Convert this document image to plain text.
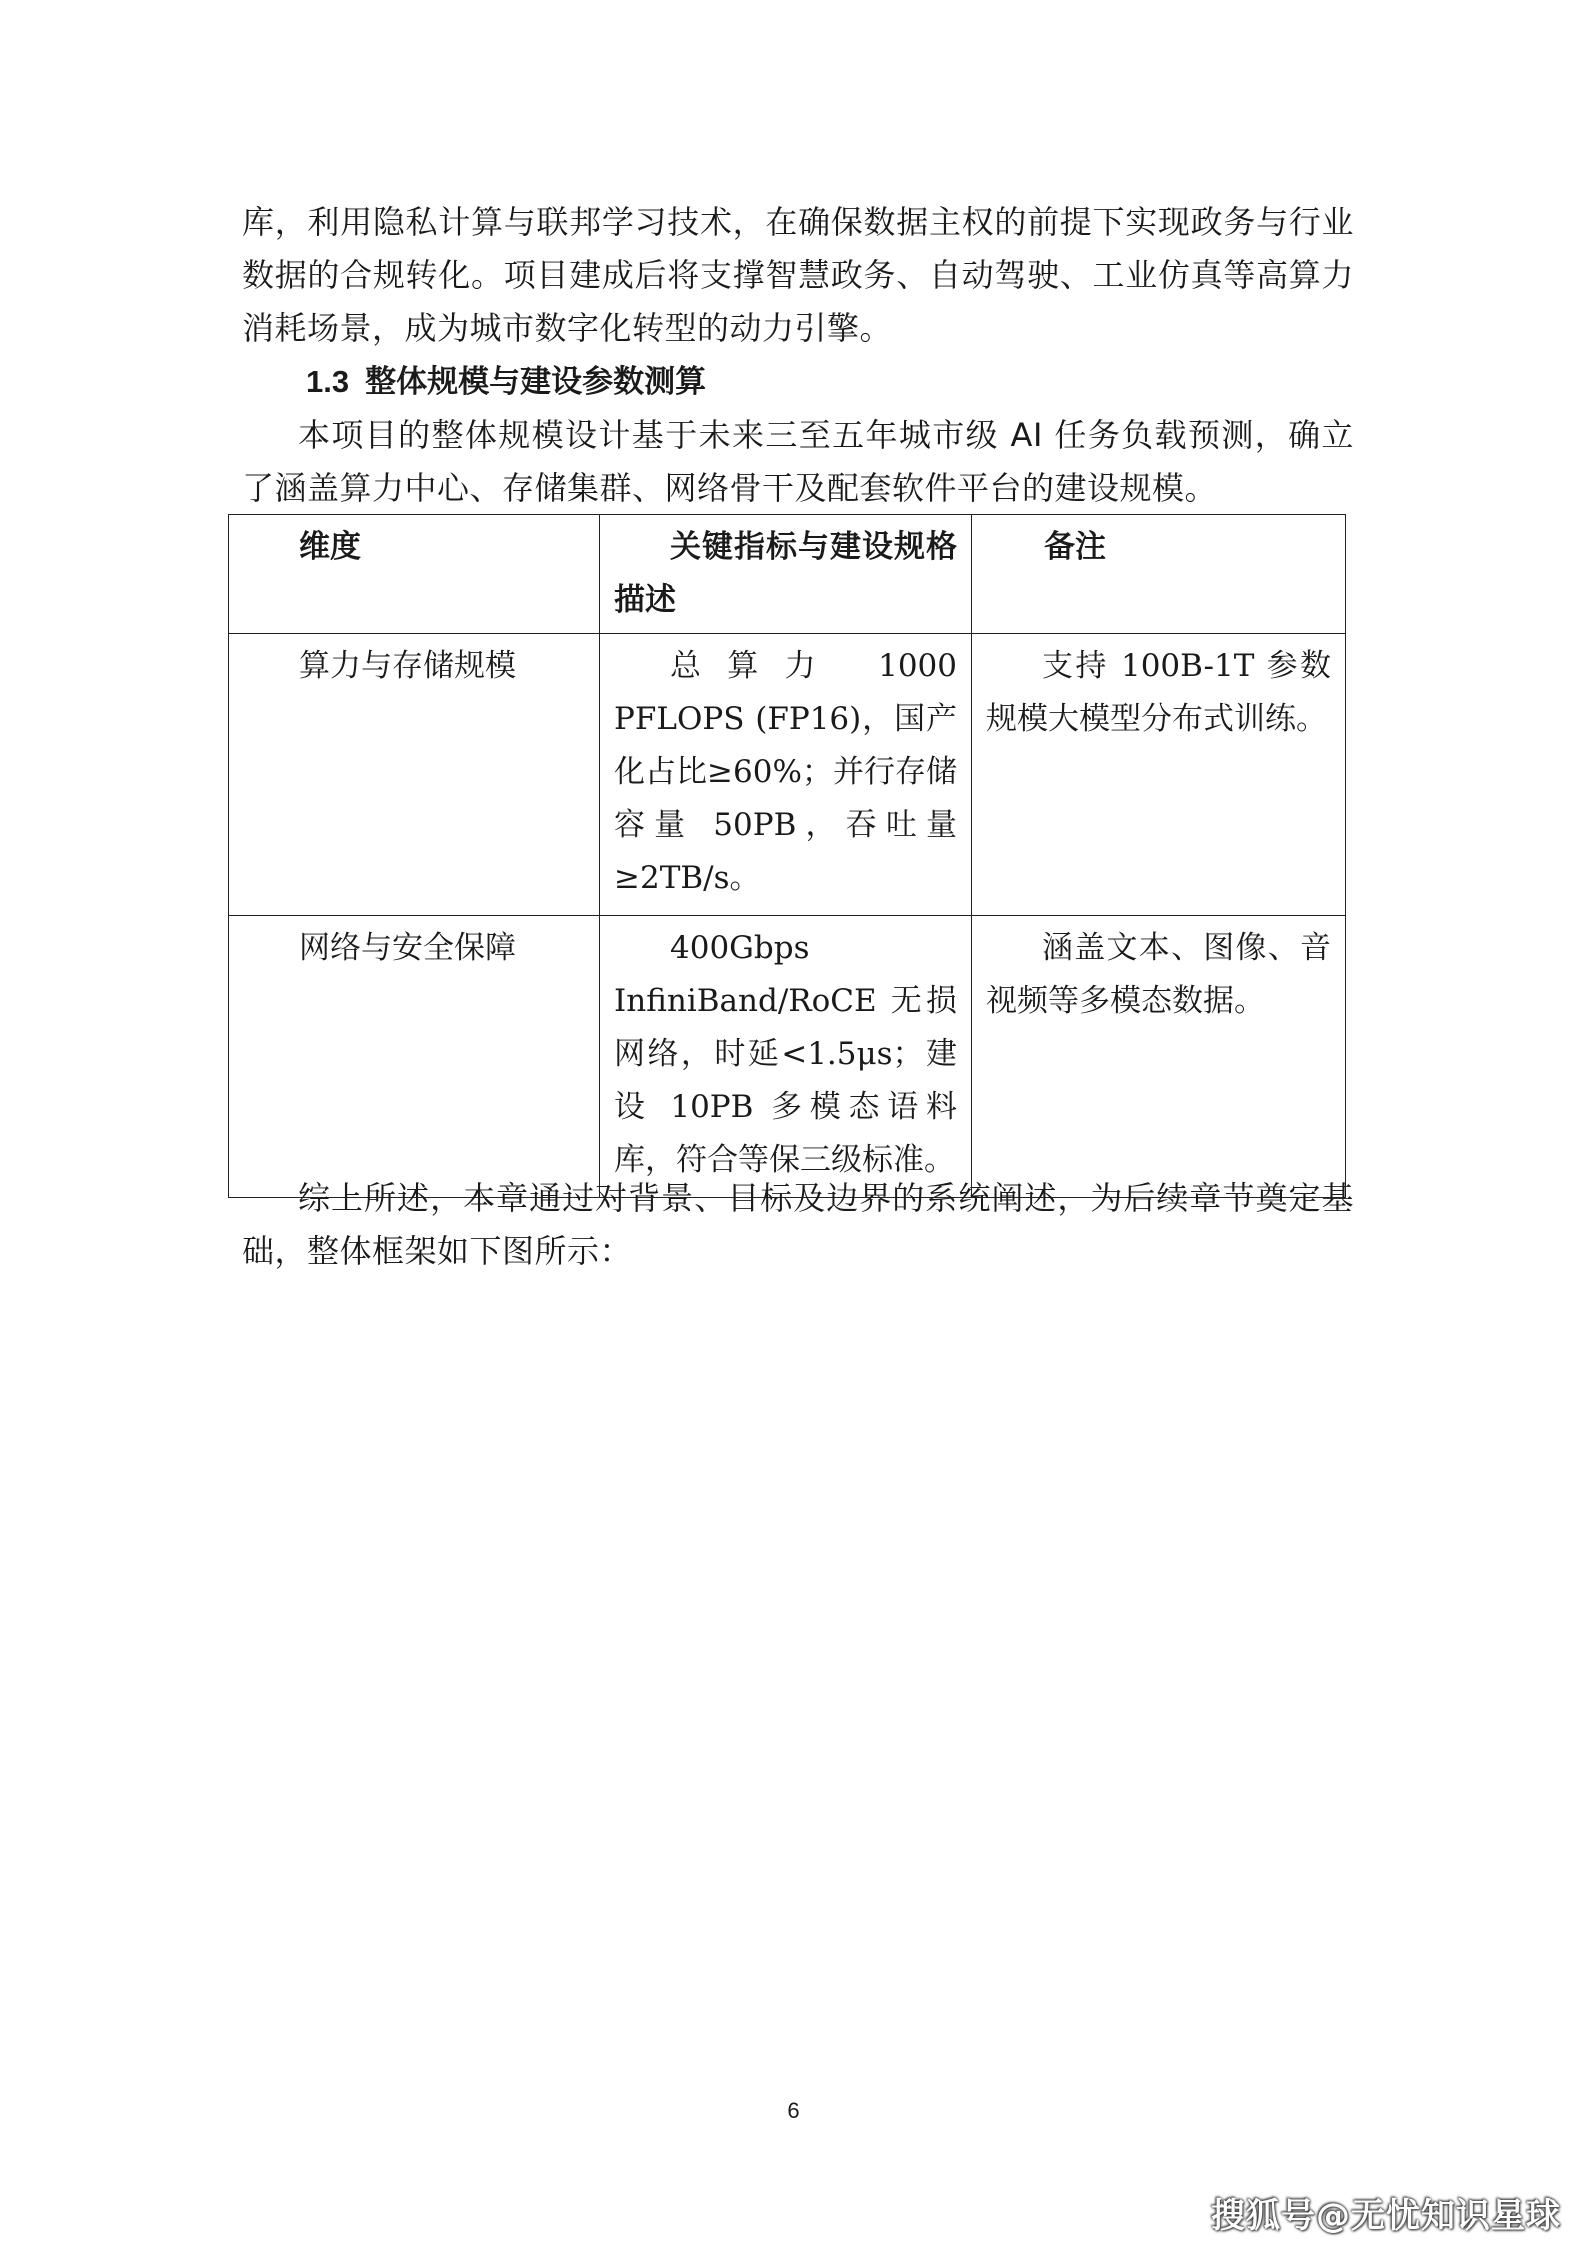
库，利用隐私计算与联邦学习技术，在确保数据主权的前提下实现政务与行业数据的合规转化。项目建成后将支撑智慧政务、自动驾驶、工业仿真等高算力消耗场景，成为城市数字化转型的动力引擎。

1.3 整体规模与建设参数测算

本项目的整体规模设计基于未来三至五年城市级 AI 任务负载预测，确立了涵盖算力中心、存储集群、网络骨干及配套软件平台的建设规模。

维度	关键指标与建设规格描述	备注
算力与存储规模	总算力 1000 PFLOPS (FP16)，国产化占比≥60%；并行存储容量 50PB，吞吐量≥2TB/s。	支持 100B-1T 参数规模大模型分布式训练。
网络与安全保障	400Gbps InfiniBand/RoCE 无损网络，时延<1.5μs；建设 10PB 多模态语料库，符合等保三级标准。	涵盖文本、图像、音视频等多模态数据。

综上所述，本章通过对背景、目标及边界的系统阐述，为后续章节奠定基础，整体框架如下图所示：

6
搜狐号@无忧知识星球
